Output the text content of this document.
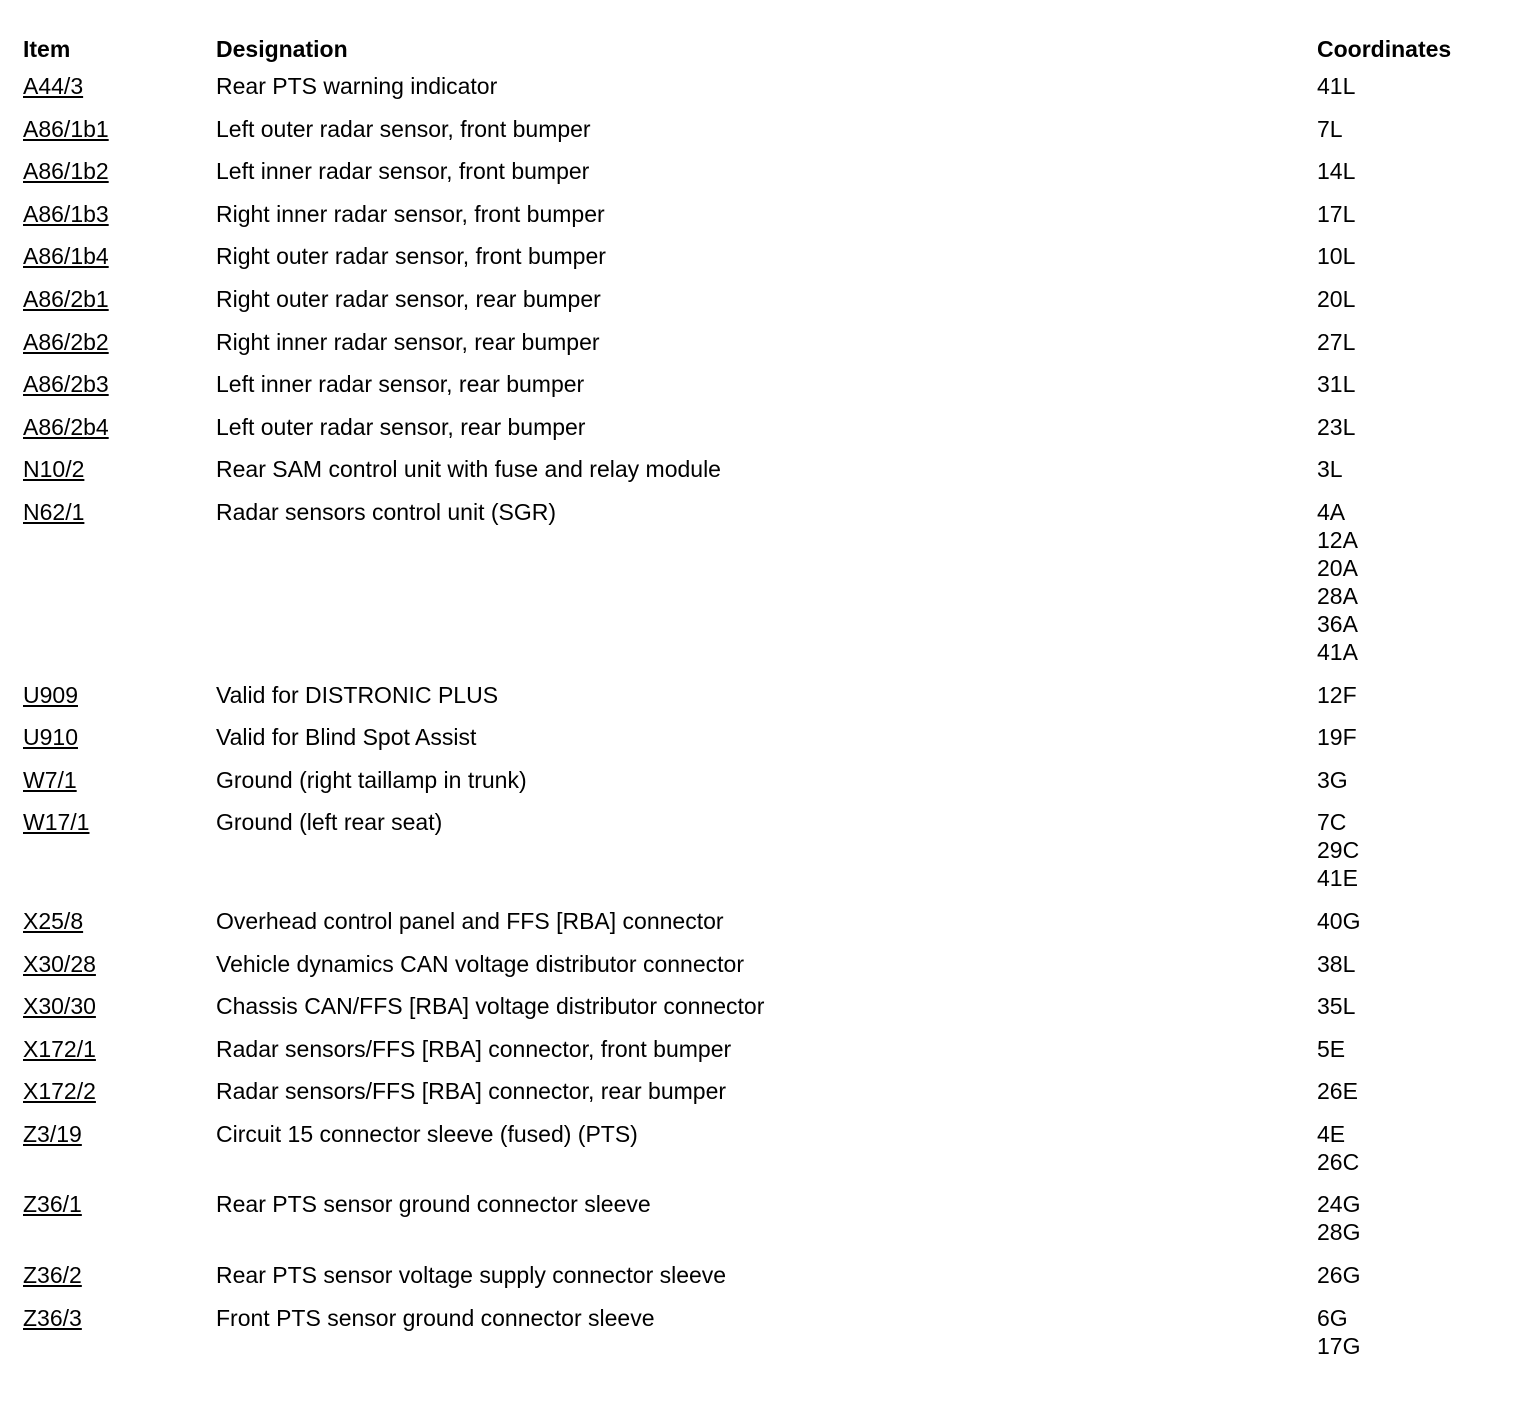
Item	Designation	Coordinates
A44/3	Rear PTS warning indicator	41L
A86/1b1	Left outer radar sensor, front bumper	7L
A86/1b2	Left inner radar sensor, front bumper	14L
A86/1b3	Right inner radar sensor, front bumper	17L
A86/1b4	Right outer radar sensor, front bumper	10L
A86/2b1	Right outer radar sensor, rear bumper	20L
A86/2b2	Right inner radar sensor, rear bumper	27L
A86/2b3	Left inner radar sensor, rear bumper	31L
A86/2b4	Left outer radar sensor, rear bumper	23L
N10/2	Rear SAM control unit with fuse and relay module	3L
N62/1	Radar sensors control unit (SGR)	4A
12A
20A
28A
36A
41A
U909	Valid for DISTRONIC PLUS	12F
U910	Valid for Blind Spot Assist	19F
W7/1	Ground (right taillamp in trunk)	3G
W17/1	Ground (left rear seat)	7C
29C
41E
X25/8	Overhead control panel and FFS [RBA] connector	40G
X30/28	Vehicle dynamics CAN voltage distributor connector	38L
X30/30	Chassis CAN/FFS [RBA] voltage distributor connector	35L
X172/1	Radar sensors/FFS [RBA] connector, front bumper	5E
X172/2	Radar sensors/FFS [RBA] connector, rear bumper	26E
Z3/19	Circuit 15 connector sleeve (fused) (PTS)	4E
26C
Z36/1	Rear PTS sensor ground connector sleeve	24G
28G
Z36/2	Rear PTS sensor voltage supply connector sleeve	26G
Z36/3	Front PTS sensor ground connector sleeve	6G
17G
